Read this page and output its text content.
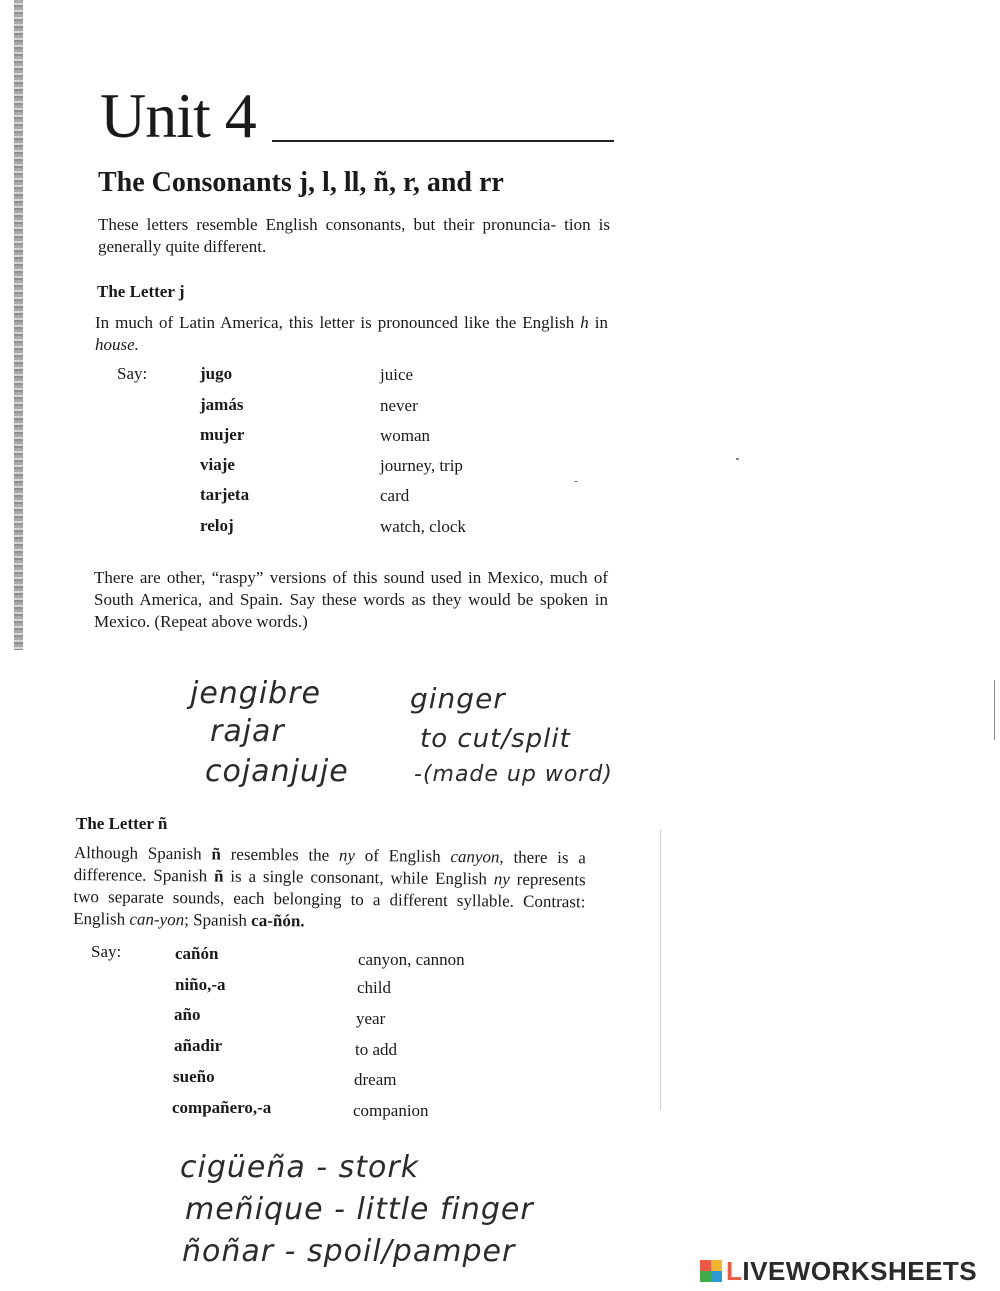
Unit 4
The Consonants j, l, ll, ñ, r, and rr

These letters resemble English consonants, but their pronuncia- tion is generally quite different.

The Letter j

In much of Latin America, this letter is pronounced like the English h in house.

Say:	jugo	juice
jamás	never
mujer	woman
viaje	journey, trip
tarjeta	card
reloj	watch, clock

There are other, “raspy” versions of this sound used in Mexico, much of South America, and Spain. Say these words as they would be spoken in Mexico. (Repeat above words.)

jengibre	ginger
rajar	to cut/split
cojanjuje	-(made up word)
The Letter ñ

Although Spanish ñ resembles the ny of English canyon, there is a difference. Spanish ñ is a single consonant, while English ny represents two separate sounds, each belonging to a different syllable. Contrast: English can-yon; Spanish ca-ñón.

Say:	cañón	canyon, cannon
niño,-a	child
año	year
añadir	to add
sueño	dream
compañero,-a	companion
cigüeña - stork
meñique - little finger
ñoñar - spoil/pamper
LIVEWORKSHEETS
